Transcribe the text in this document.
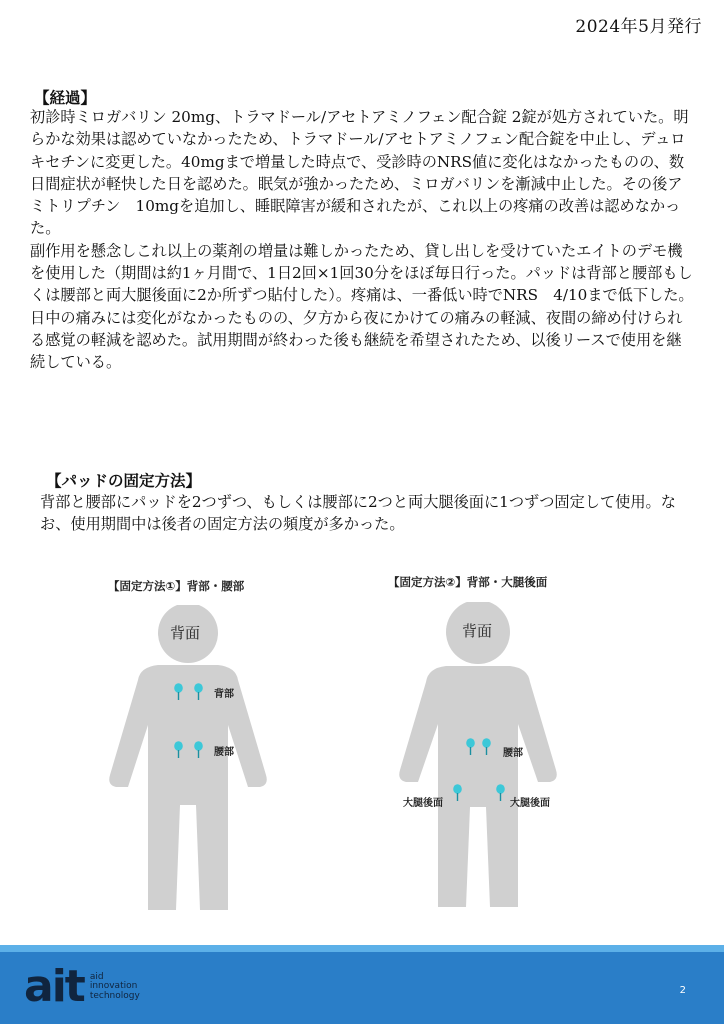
2024年5月発行
【経過】

初診時ミロガバリン 20mg、トラマドール/アセトアミノフェン配合錠 2錠が処方されていた。明らかな効果は認めていなかったため、トラマドール/アセトアミノフェン配合錠を中止し、デュロキセチンに変更した。40mgまで増量した時点で、受診時のNRS値に変化はなかったものの、数日間症状が軽快した日を認めた。眠気が強かったため、ミロガバリンを漸減中止した。その後アミトリプチン　10mgを追加し、睡眠障害が緩和されたが、これ以上の疼痛の改善は認めなかった。

副作用を懸念しこれ以上の薬剤の増量は難しかったため、貸し出しを受けていたエイトのデモ機を使用した（期間は約1ヶ月間で、1日2回×1回30分をほぼ毎日行った。パッドは背部と腰部もしくは腰部と両大腿後面に2か所ずつ貼付した）。疼痛は、一番低い時でNRS　4/10まで低下した。日中の痛みには変化がなかったものの、夕方から夜にかけての痛みの軽減、夜間の締め付けられる感覚の軽減を認めた。試用期間が終わった後も継続を希望されたため、以後リースで使用を継続している。

【パッドの固定方法】
背部と腰部にパッドを2つずつ、もしくは腰部に2つと両大腿後面に1つずつ固定して使用。なお、使用期間中は後者の固定方法の頻度が多かった。
【固定方法①】背部・腰部
背面
背部
腰部
【固定方法②】背部・大腿後面
背面
腰部
大腿後面	大腿後面
ait aid
innovation
technology	2
